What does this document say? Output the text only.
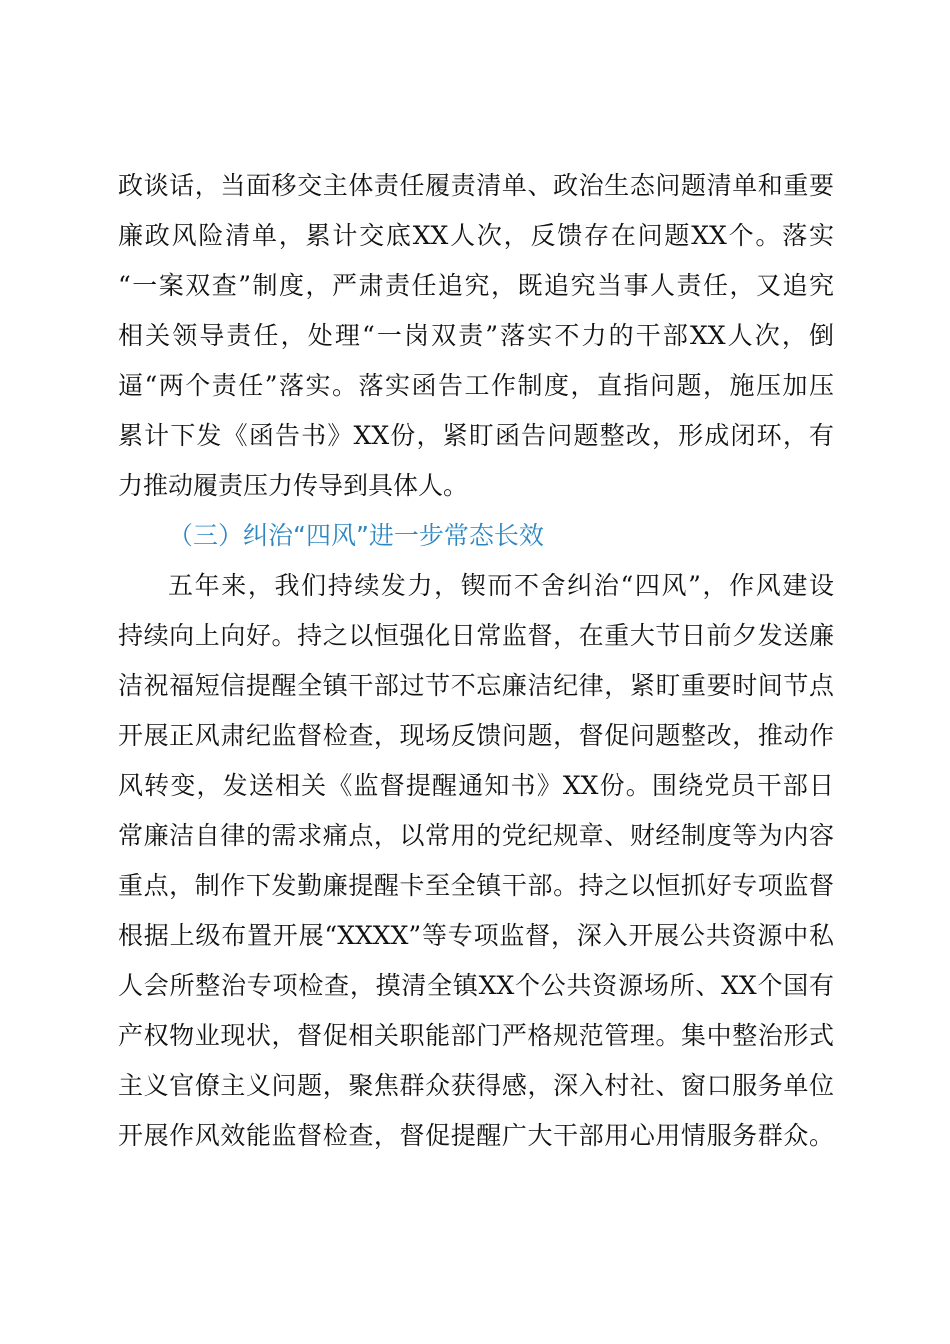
政谈话，当面移交主体责任履责清单、政治生态问题清单和重要
廉政风险清单，累计交底XX人次，反馈存在问题XX个。落实
“一案双查”制度，严肃责任追究，既追究当事人责任，又追究
相关领导责任，处理“一岗双责”落实不力的干部XX人次，倒
逼“两个责任”落实。落实函告工作制度，直指问题，施压加压
累计下发《函告书》XX份，紧盯函告问题整改，形成闭环，有
力推动履责压力传导到具体人。
（三）纠治“四风”进一步常态长效
五年来，我们持续发力，锲而不舍纠治“四风”，作风建设
持续向上向好。持之以恒强化日常监督，在重大节日前夕发送廉
洁祝福短信提醒全镇干部过节不忘廉洁纪律，紧盯重要时间节点
开展正风肃纪监督检查，现场反馈问题，督促问题整改，推动作
风转变，发送相关《监督提醒通知书》XX份。围绕党员干部日
常廉洁自律的需求痛点，以常用的党纪规章、财经制度等为内容
重点，制作下发勤廉提醒卡至全镇干部。持之以恒抓好专项监督
根据上级布置开展“XXXX”等专项监督，深入开展公共资源中私
人会所整治专项检查，摸清全镇XX个公共资源场所、XX个国有
产权物业现状，督促相关职能部门严格规范管理。集中整治形式
主义官僚主义问题，聚焦群众获得感，深入村社、窗口服务单位
开展作风效能监督检查，督促提醒广大干部用心用情服务群众。
